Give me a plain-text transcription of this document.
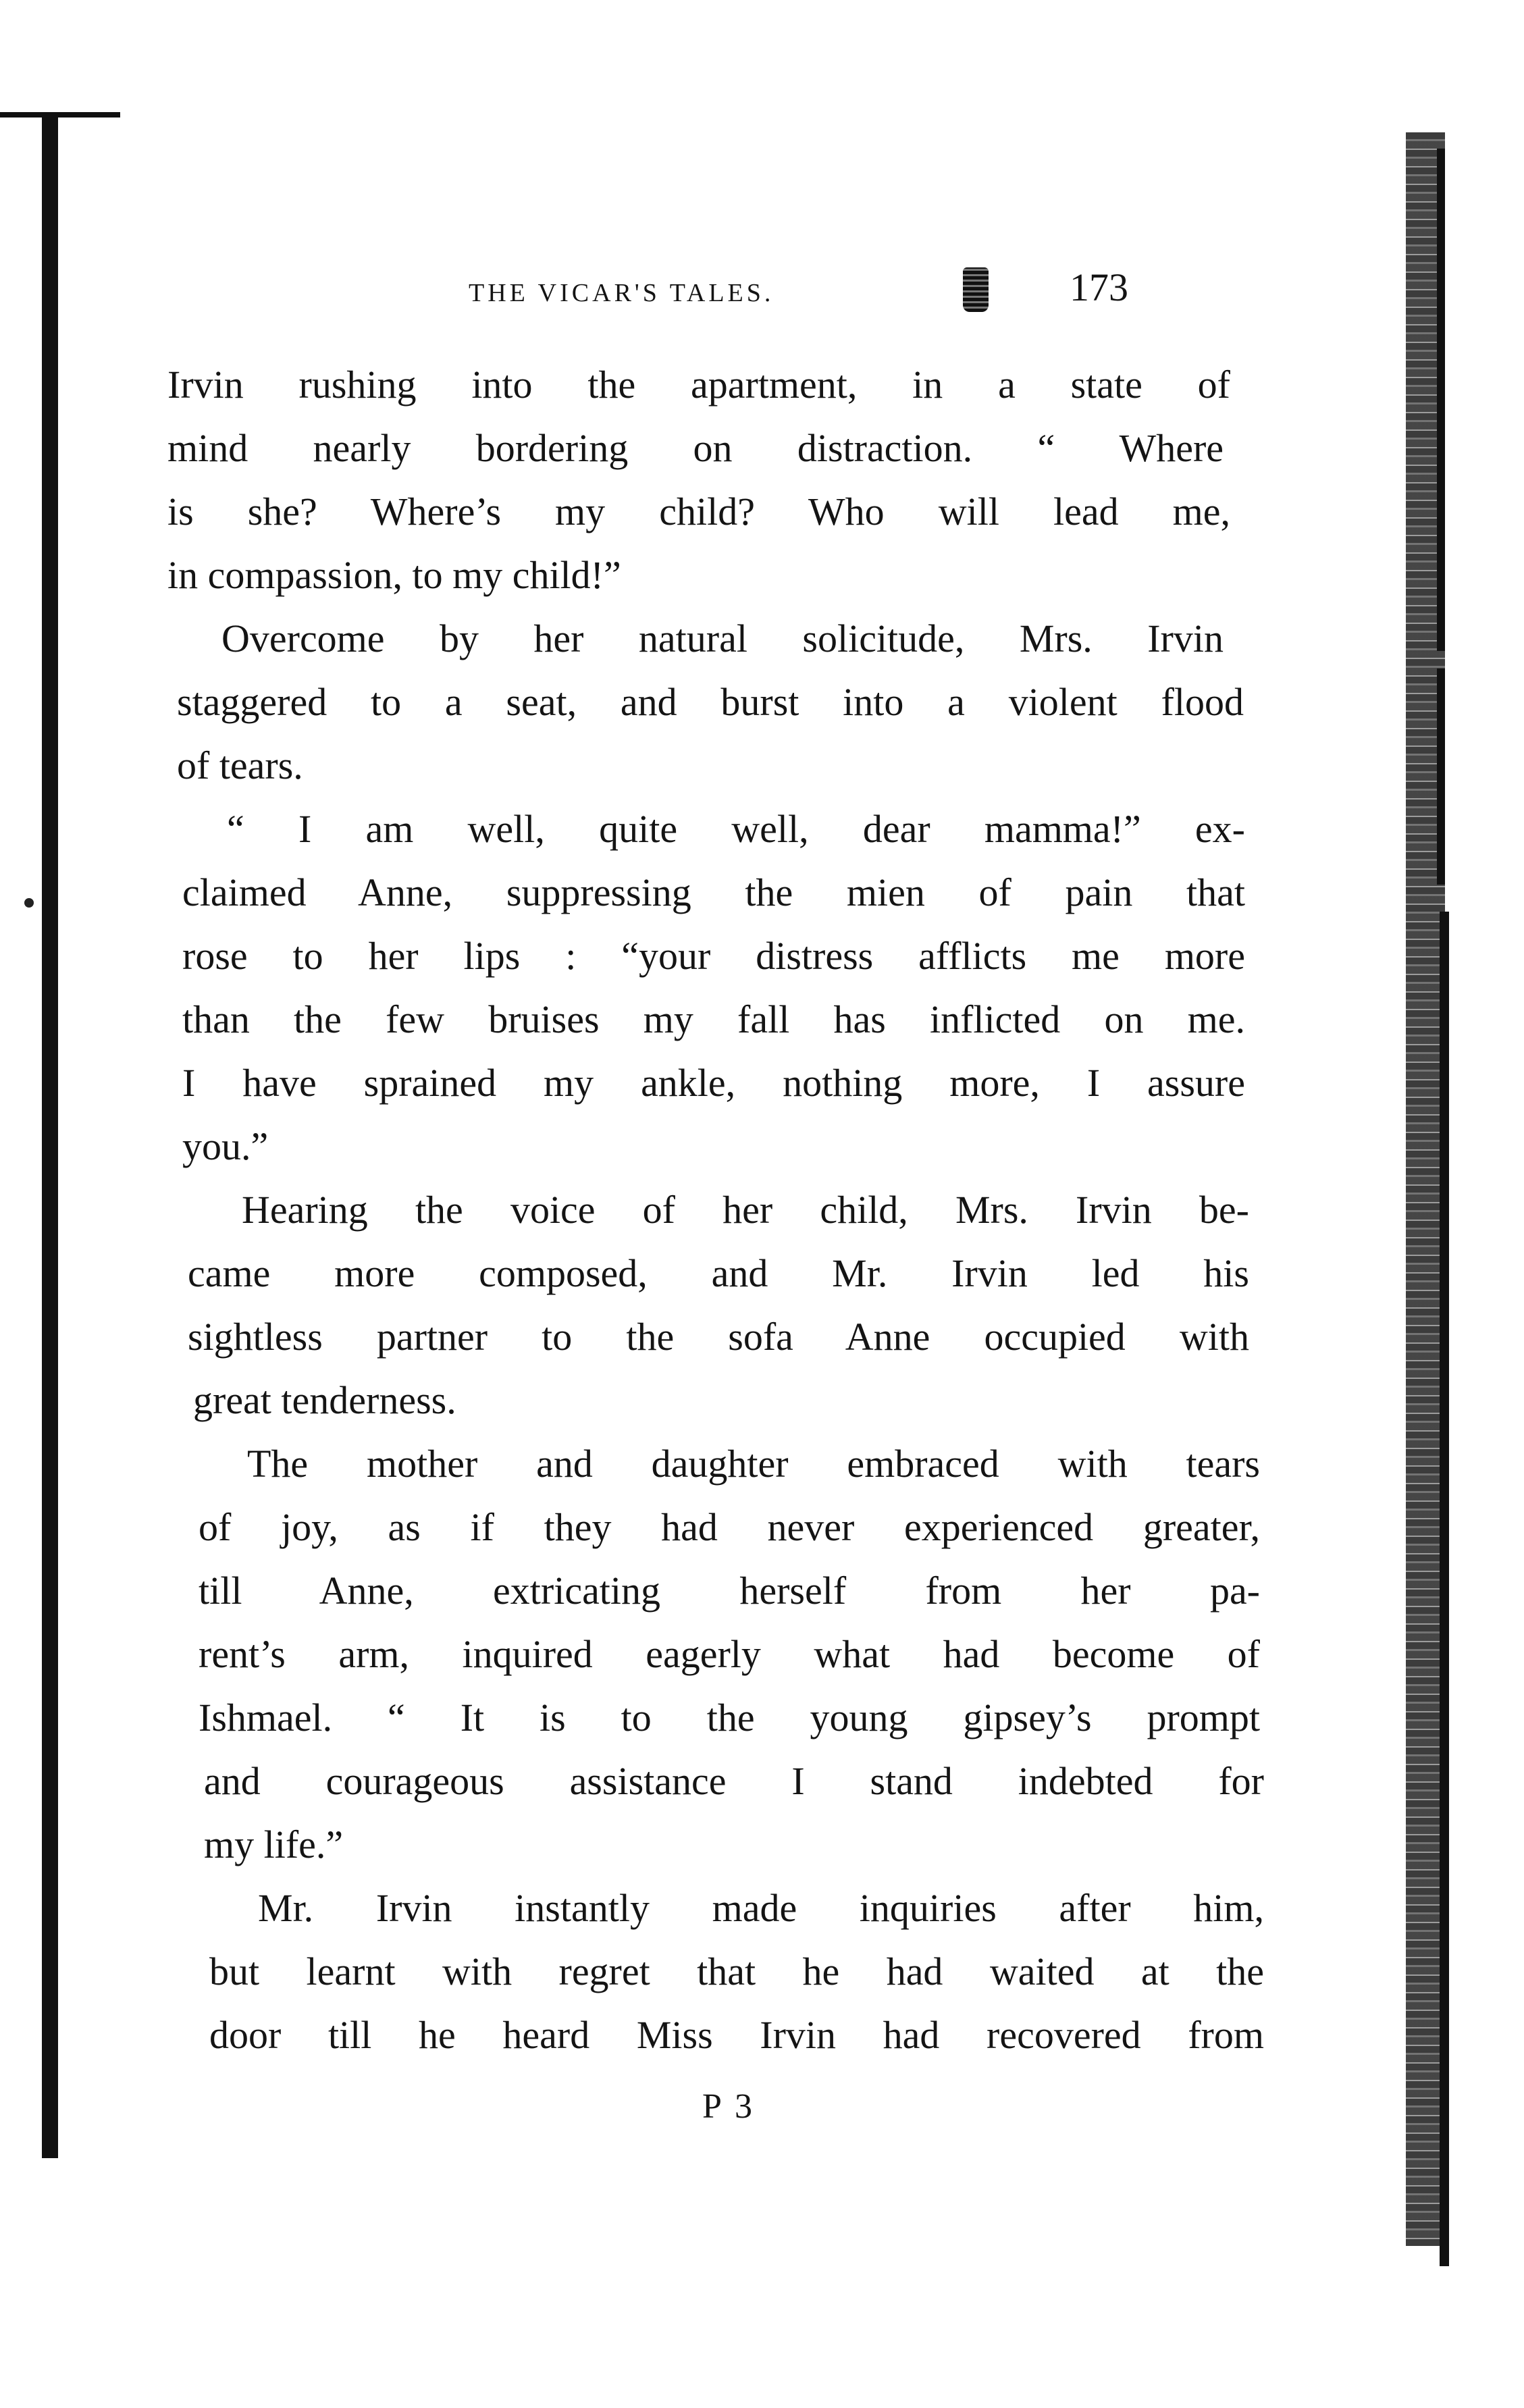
THE VICAR'S TALES.	173
Irvin rushing into the apartment, in a state of
mind nearly bordering on distraction. “ Where
is she? Where’s my child? Who will lead me,
in compassion, to my child!”
Overcome by her natural solicitude, Mrs. Irvin
staggered to a seat, and burst into a violent flood
of tears.
“ I am well, quite well, dear mamma!” ex-
claimed Anne, suppressing the mien of pain that
rose to her lips : “your distress afflicts me more
than the few bruises my fall has inflicted on me.
I have sprained my ankle, nothing more, I assure
you.”
Hearing the voice of her child, Mrs. Irvin be-
came more composed, and Mr. Irvin led his
sightless partner to the sofa Anne occupied with
great tenderness.
The mother and daughter embraced with tears
of joy, as if they had never experienced greater,
till Anne, extricating herself from her pa-
rent’s arm, inquired eagerly what had become of
Ishmael. “ It is to the young gipsey’s prompt
and courageous assistance I stand indebted for
my life.”
Mr. Irvin instantly made inquiries after him,
but learnt with regret that he had waited at the
door till he heard Miss Irvin had recovered from
P 3
